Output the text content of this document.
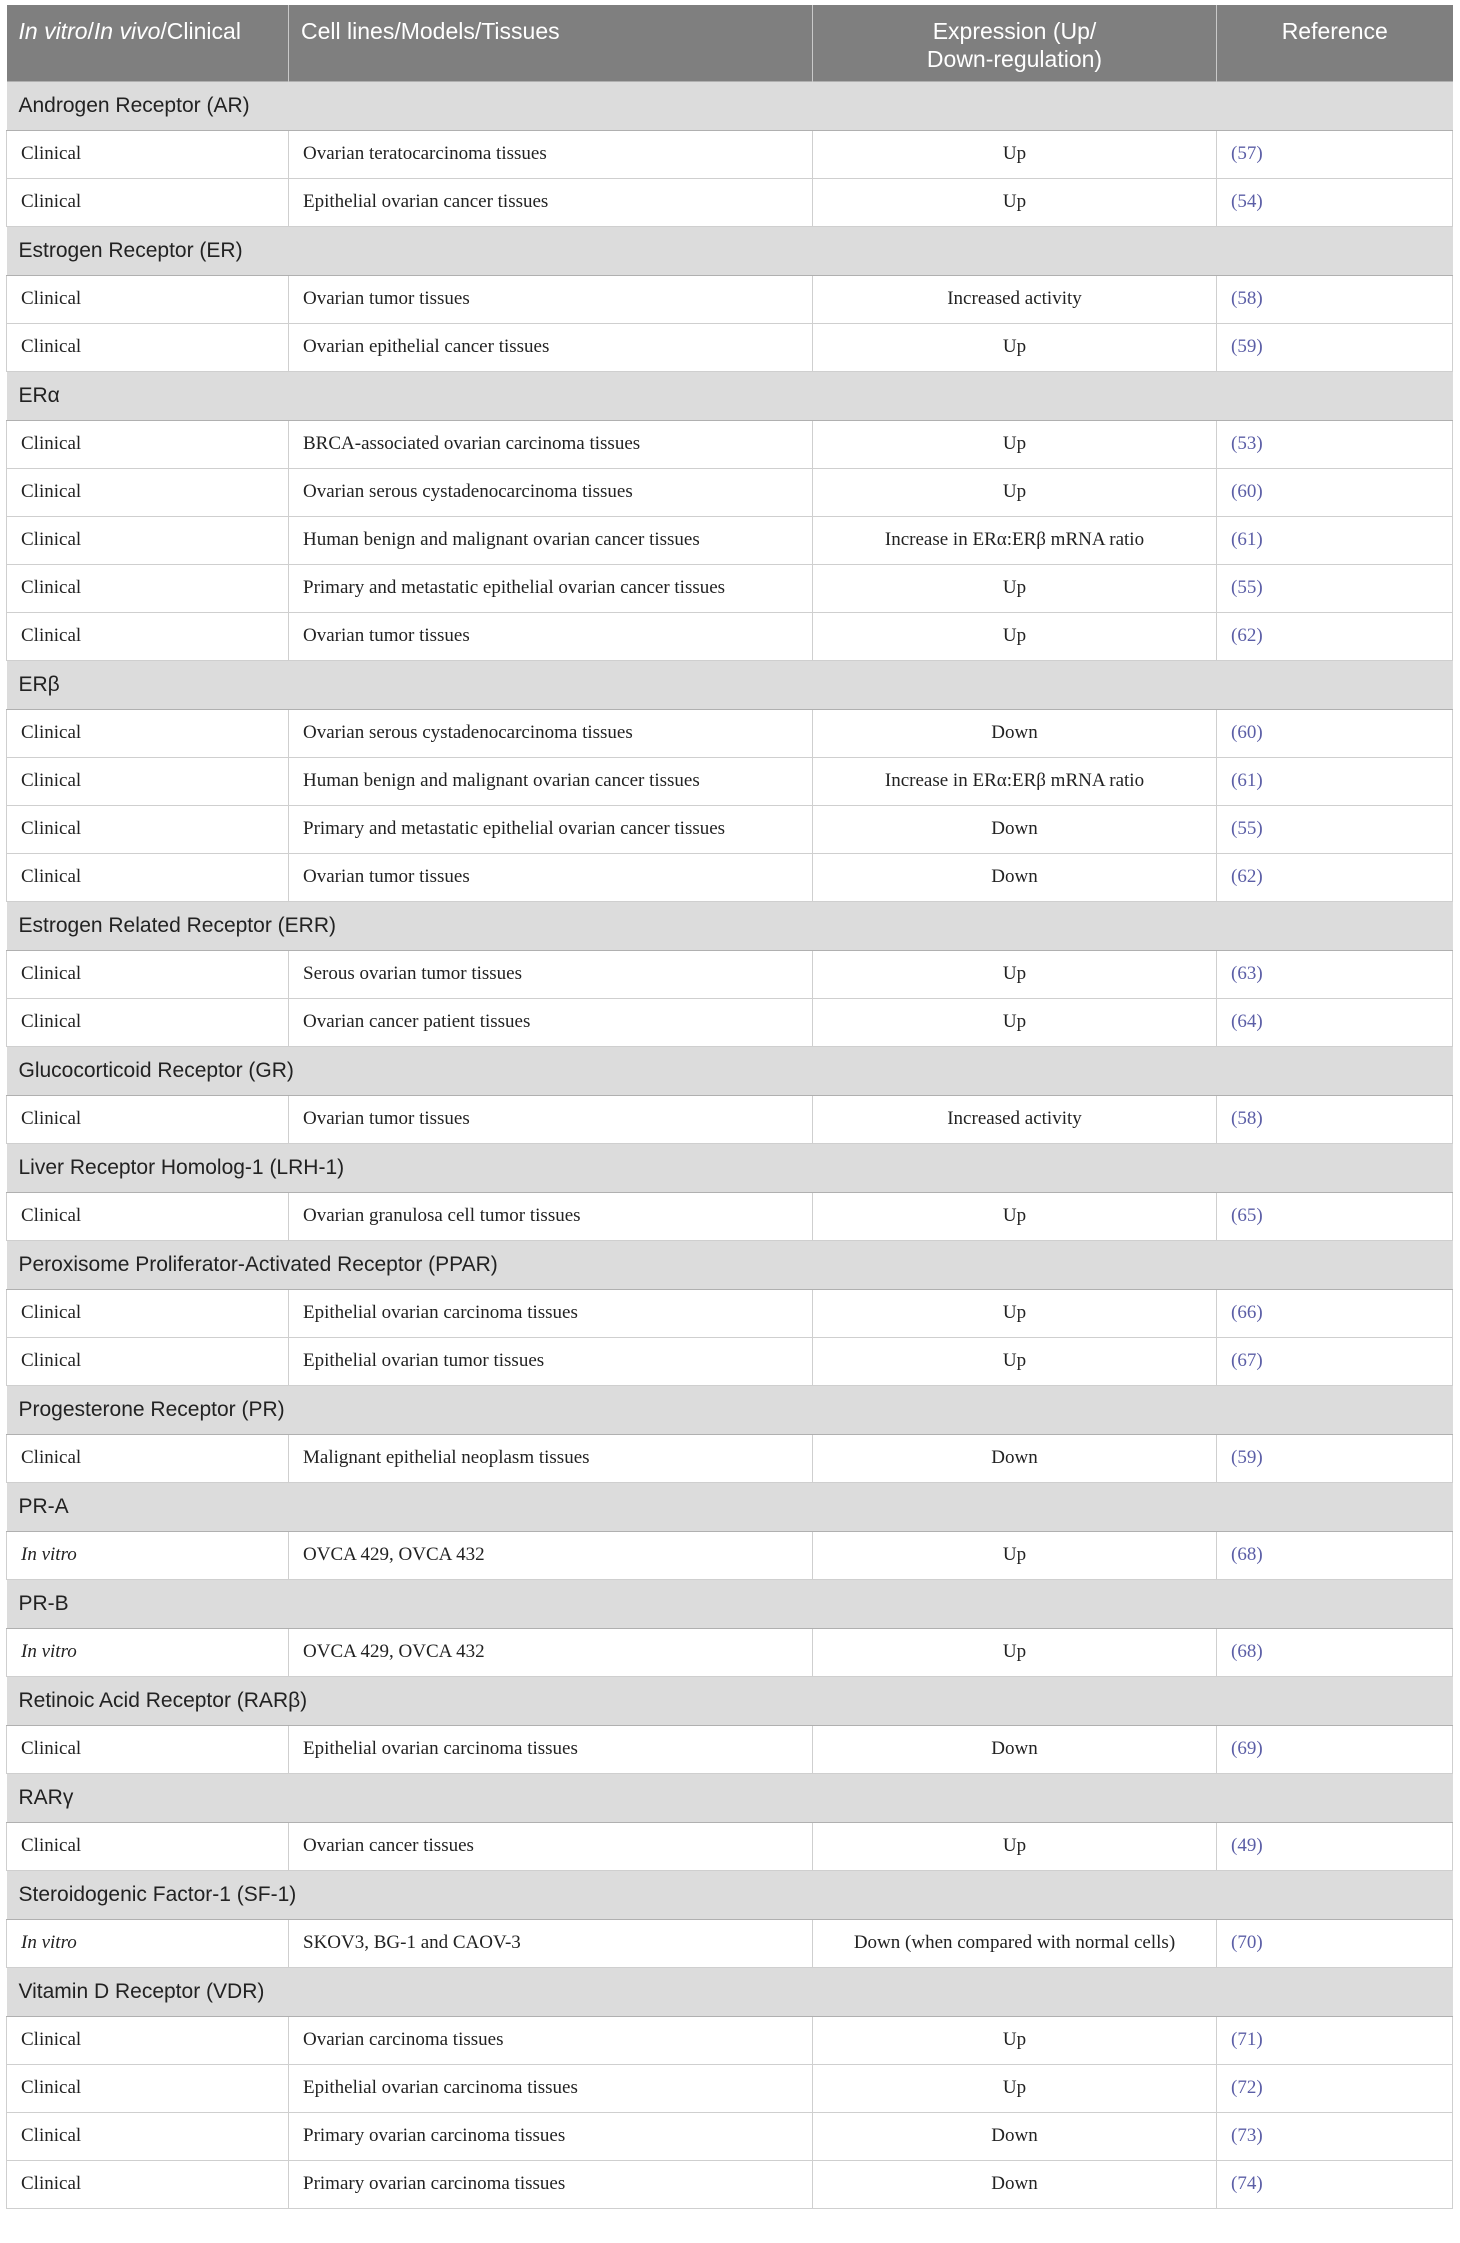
In vitro/In vivo/Clinical	Cell lines/Models/Tissues	Expression (Up/
Down-regulation)	Reference
Androgen Receptor (AR)			
Clinical	Ovarian teratocarcinoma tissues	Up	(57)
Clinical	Epithelial ovarian cancer tissues	Up	(54)
Estrogen Receptor (ER)			
Clinical	Ovarian tumor tissues	Increased activity	(58)
Clinical	Ovarian epithelial cancer tissues	Up	(59)
ERα			
Clinical	BRCA-associated ovarian carcinoma tissues	Up	(53)
Clinical	Ovarian serous cystadenocarcinoma tissues	Up	(60)
Clinical	Human benign and malignant ovarian cancer tissues	Increase in ERα:ERβ mRNA ratio	(61)
Clinical	Primary and metastatic epithelial ovarian cancer tissues	Up	(55)
Clinical	Ovarian tumor tissues	Up	(62)
ERβ			
Clinical	Ovarian serous cystadenocarcinoma tissues	Down	(60)
Clinical	Human benign and malignant ovarian cancer tissues	Increase in ERα:ERβ mRNA ratio	(61)
Clinical	Primary and metastatic epithelial ovarian cancer tissues	Down	(55)
Clinical	Ovarian tumor tissues	Down	(62)
Estrogen Related Receptor (ERR)			
Clinical	Serous ovarian tumor tissues	Up	(63)
Clinical	Ovarian cancer patient tissues	Up	(64)
Glucocorticoid Receptor (GR)			
Clinical	Ovarian tumor tissues	Increased activity	(58)
Liver Receptor Homolog-1 (LRH-1)			
Clinical	Ovarian granulosa cell tumor tissues	Up	(65)
Peroxisome Proliferator-Activated Receptor (PPAR)			
Clinical	Epithelial ovarian carcinoma tissues	Up	(66)
Clinical	Epithelial ovarian tumor tissues	Up	(67)
Progesterone Receptor (PR)			
Clinical	Malignant epithelial neoplasm tissues	Down	(59)
PR-A			
In vitro	OVCA 429, OVCA 432	Up	(68)
PR-B			
In vitro	OVCA 429, OVCA 432	Up	(68)
Retinoic Acid Receptor (RARβ)			
Clinical	Epithelial ovarian carcinoma tissues	Down	(69)
RARγ			
Clinical	Ovarian cancer tissues	Up	(49)
Steroidogenic Factor-1 (SF-1)			
In vitro	SKOV3, BG-1 and CAOV-3	Down (when compared with normal cells)	(70)
Vitamin D Receptor (VDR)			
Clinical	Ovarian carcinoma tissues	Up	(71)
Clinical	Epithelial ovarian carcinoma tissues	Up	(72)
Clinical	Primary ovarian carcinoma tissues	Down	(73)
Clinical	Primary ovarian carcinoma tissues	Down	(74)
